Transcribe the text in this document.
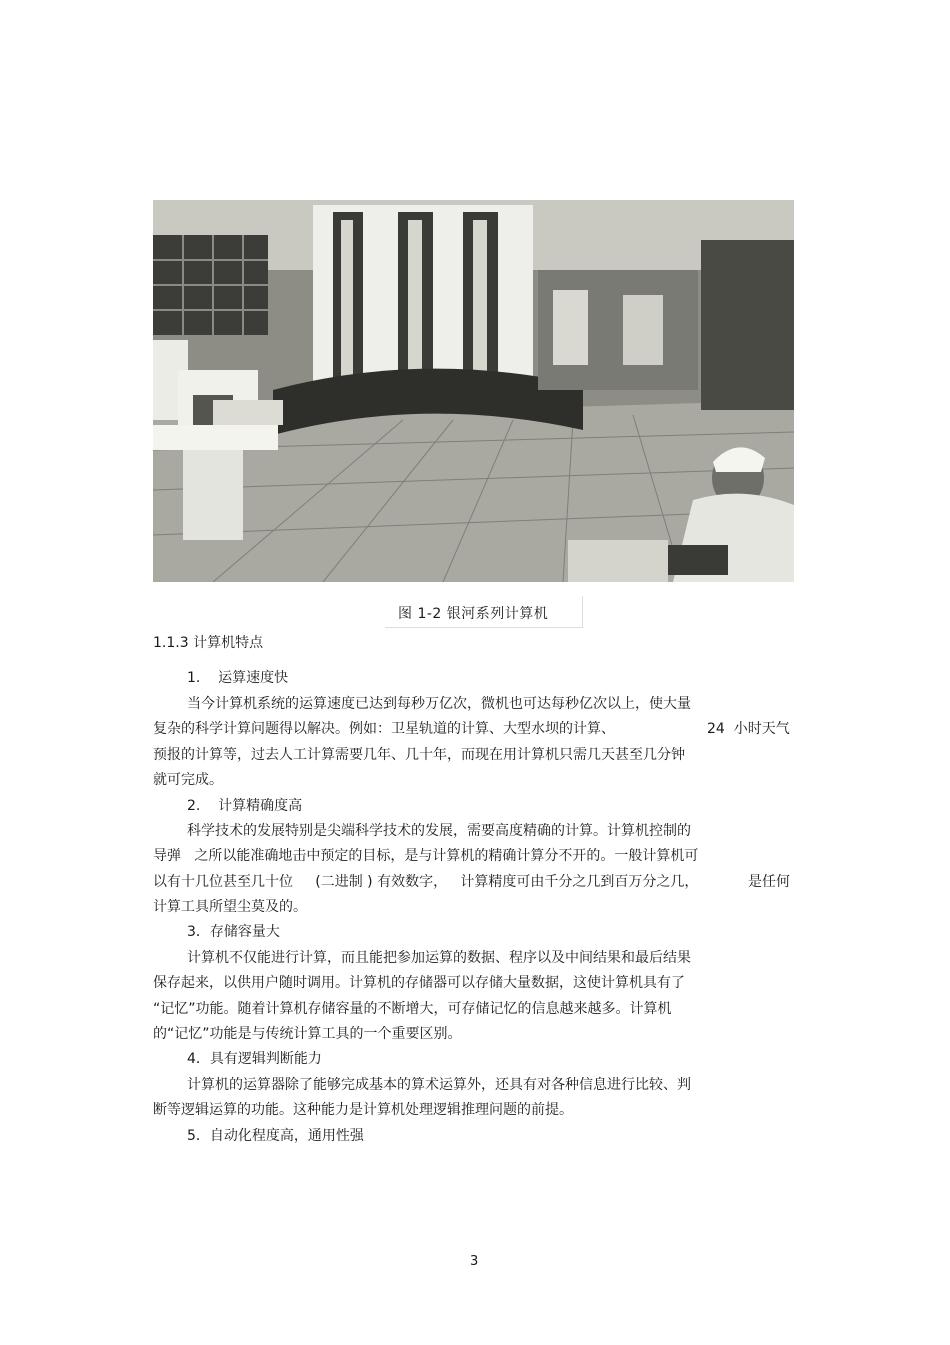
图 1-2 银河系列计算机
1.1.3 计算机特点
1.    运算速度快
当今计算机系统的运算速度已达到每秒万亿次，微机也可达每秒亿次以上，使大量
复杂的科学计算问题得以解决。例如：卫星轨道的计算、大型水坝的计算、	24  小时天气
预报的计算等，过去人工计算需要几年、几十年，而现在用计算机只需几天甚至几分钟
就可完成。
2.    计算精确度高
科学技术的发展特别是尖端科学技术的发展，需要高度精确的计算。计算机控制的
导弹   之所以能准确地击中预定的目标，是与计算机的精确计算分不开的。一般计算机可
以有十几位甚至几十位     (二进制 ) 有效数字，   计算精度可由千分之几到百万分之几，	是任何
计算工具所望尘莫及的。
3．存储容量大
计算机不仅能进行计算，而且能把参加运算的数据、程序以及中间结果和最后结果
保存起来，以供用户随时调用。计算机的存储器可以存储大量数据，这使计算机具有了
“记忆”功能。随着计算机存储容量的不断增大，可存储记忆的信息越来越多。计算机
的“记忆”功能是与传统计算工具的一个重要区别。
4．具有逻辑判断能力
计算机的运算器除了能够完成基本的算术运算外，还具有对各种信息进行比较、判
断等逻辑运算的功能。这种能力是计算机处理逻辑推理问题的前提。
5．自动化程度高，通用性强
3
